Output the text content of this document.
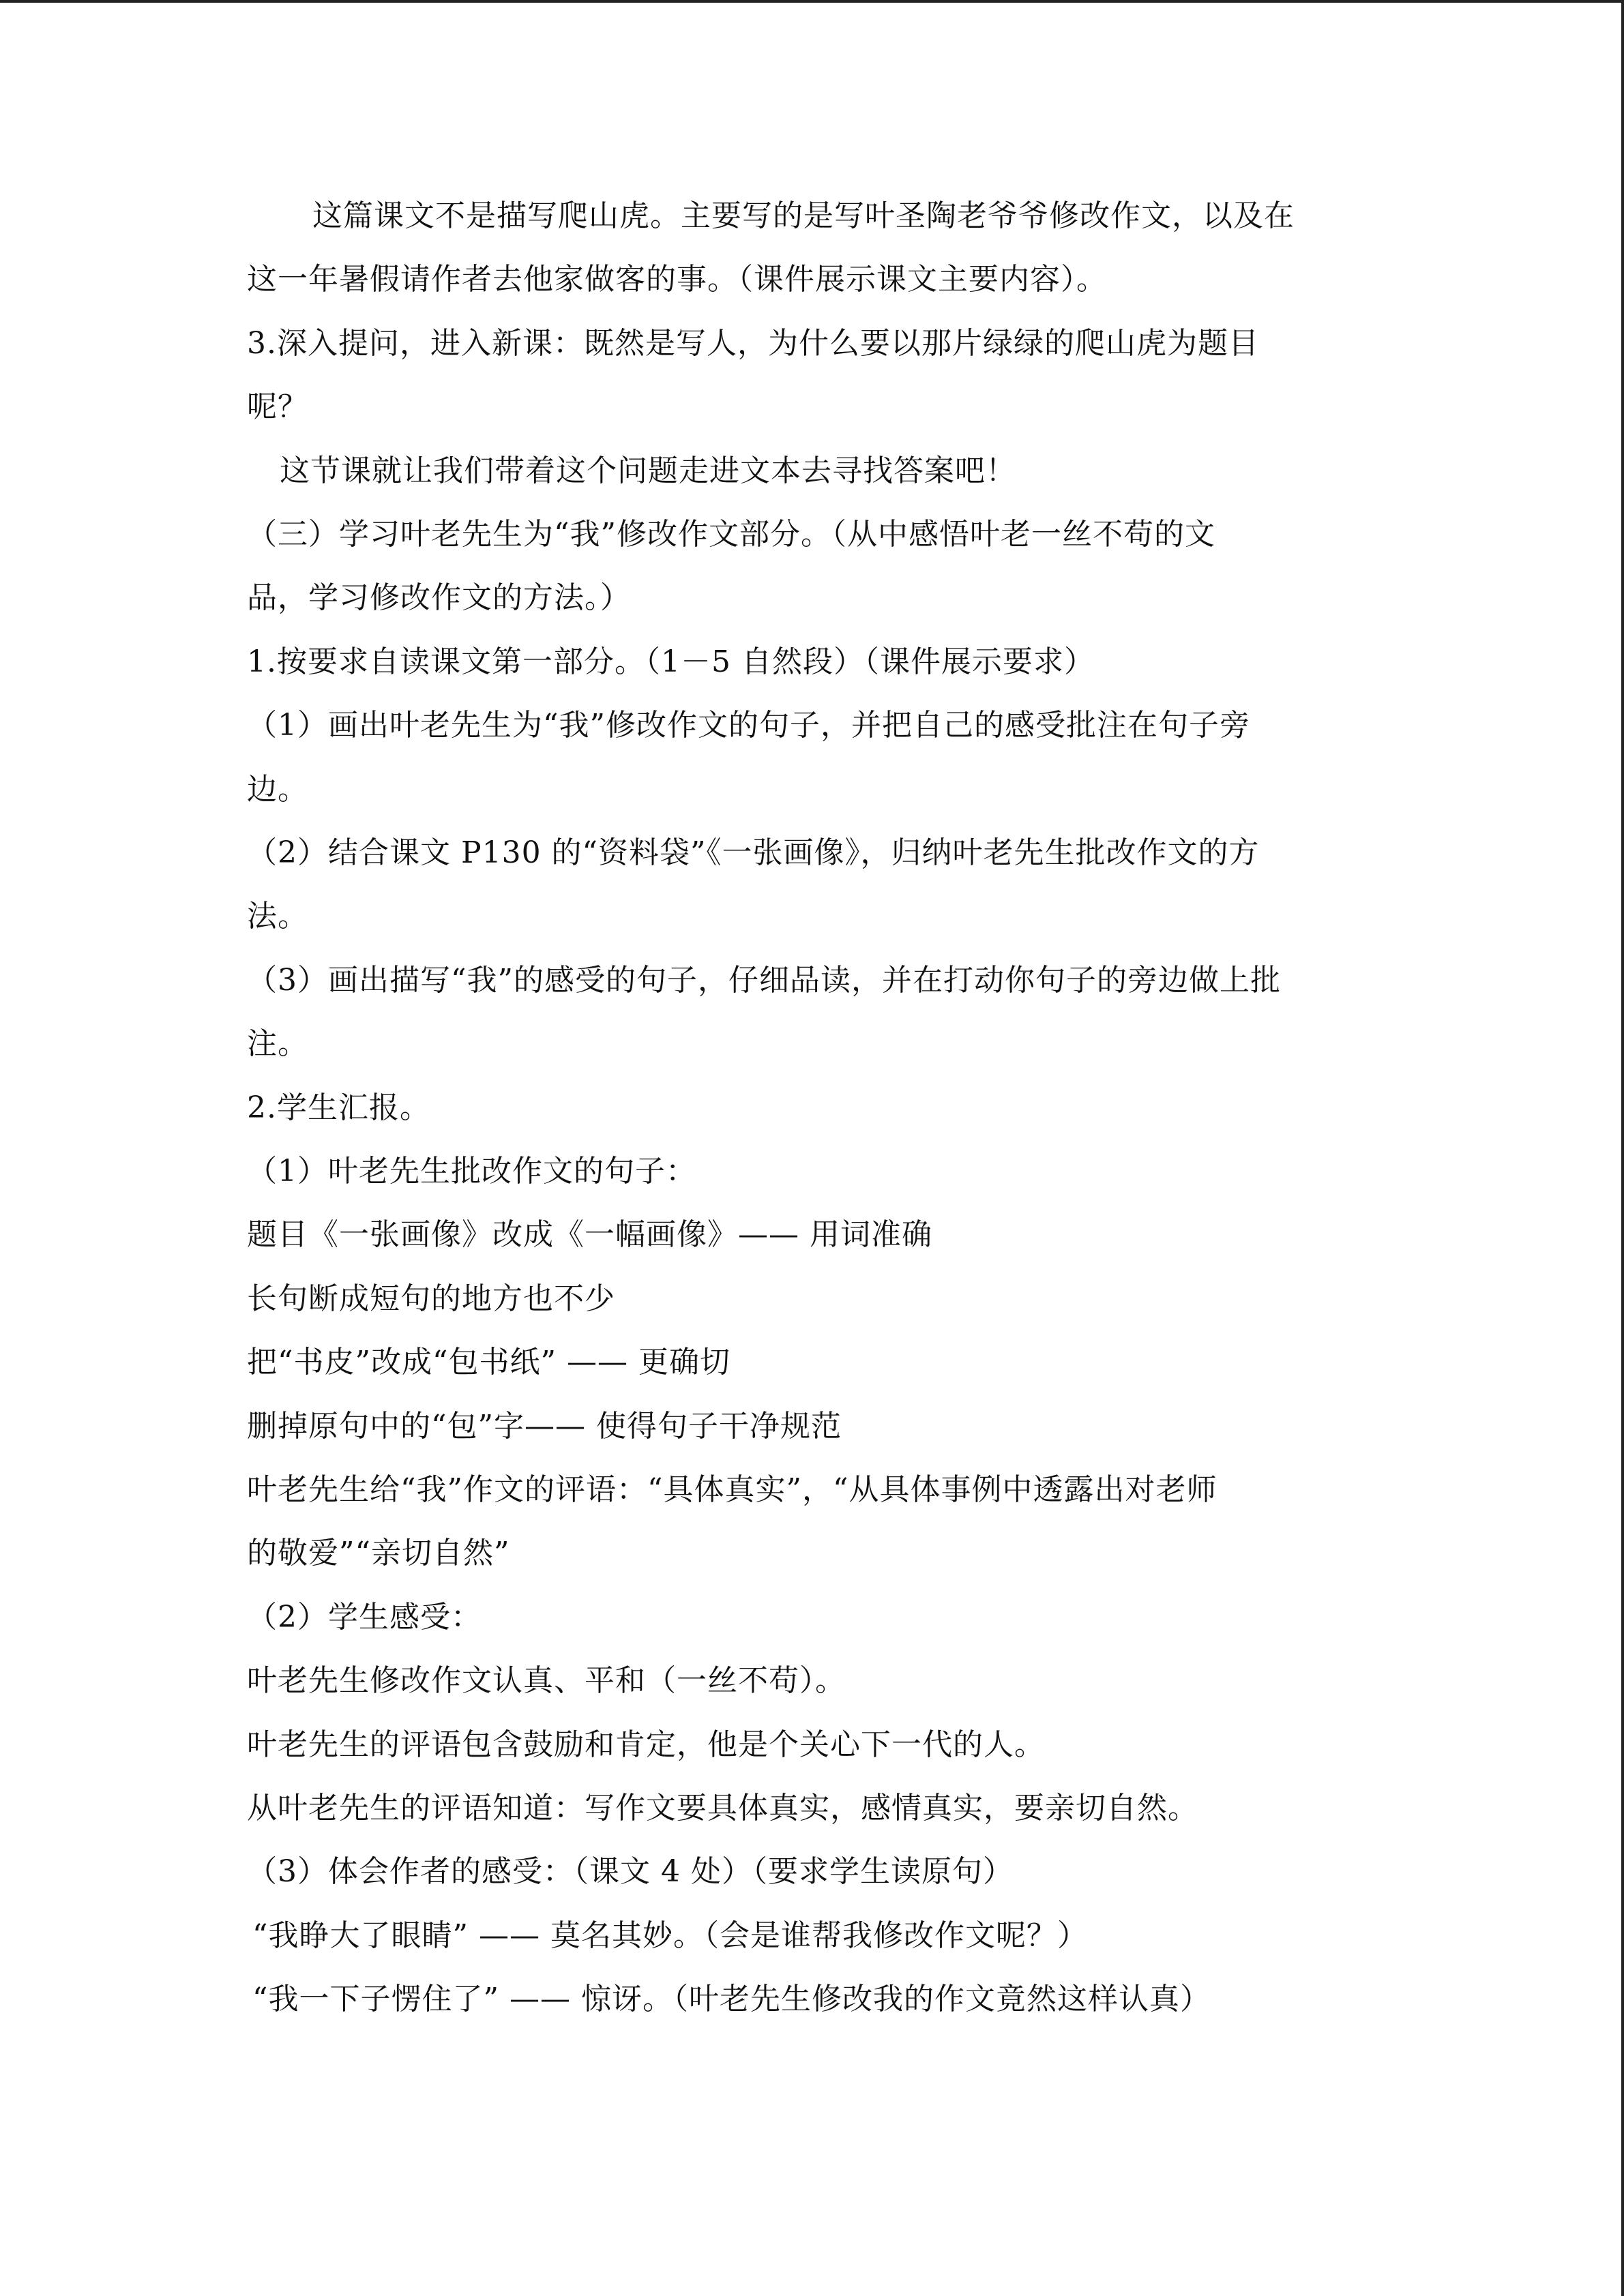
这篇课文不是描写爬山虎。主要写的是写叶圣陶老爷爷修改作文，以及在
这一年暑假请作者去他家做客的事。（课件展示课文主要内容）。
3.深入提问，进入新课：既然是写人，为什么要以那片绿绿的爬山虎为题目
呢？
这节课就让我们带着这个问题走进文本去寻找答案吧！
（三）学习叶老先生为“我”修改作文部分。（从中感悟叶老一丝不苟的文
品，学习修改作文的方法。）
1.按要求自读课文第一部分。（1－5 自然段）（课件展示要求）
（1）画出叶老先生为“我”修改作文的句子，并把自己的感受批注在句子旁
边。
（2）结合课文 P130 的“资料袋”《一张画像》，归纳叶老先生批改作文的方
法。
（3）画出描写“我”的感受的句子，仔细品读，并在打动你句子的旁边做上批
注。
2.学生汇报。
（1）叶老先生批改作文的句子：
题目《一张画像》改成《一幅画像》—— 用词准确
长句断成短句的地方也不少
把“书皮”改成“包书纸” —— 更确切
删掉原句中的“包”字—— 使得句子干净规范
叶老先生给“我”作文的评语：“具体真实”，“从具体事例中透露出对老师
的敬爱”“亲切自然”
（2）学生感受：
叶老先生修改作文认真、平和（一丝不苟）。
叶老先生的评语包含鼓励和肯定，他是个关心下一代的人。
从叶老先生的评语知道：写作文要具体真实，感情真实，要亲切自然。
（3）体会作者的感受：（课文 4 处）（要求学生读原句）
“我睁大了眼睛” —— 莫名其妙。（会是谁帮我修改作文呢？）
“我一下子愣住了” —— 惊讶。（叶老先生修改我的作文竟然这样认真）
